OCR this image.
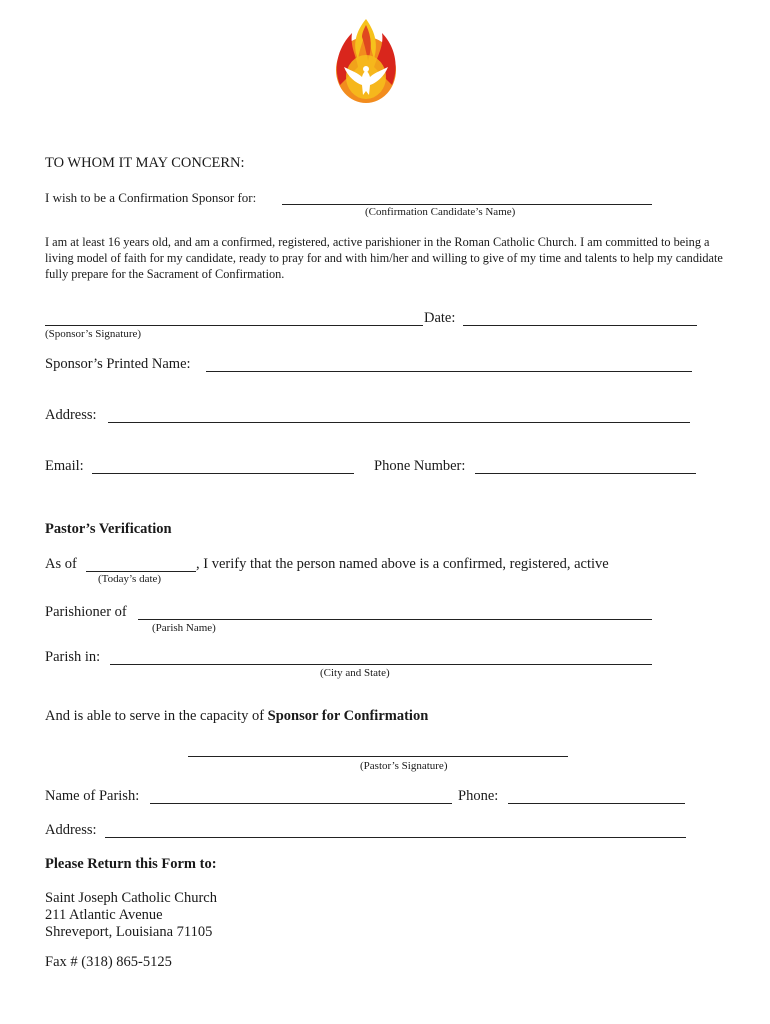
TO WHOM IT MAY CONCERN:
I wish to be a Confirmation Sponsor for:
(Confirmation Candidate’s Name)
I am at least 16 years old, and am a confirmed, registered, active parishioner in the Roman Catholic Church. I am committed to being a living model of faith for my candidate, ready to pray for and with him/her and willing to give of my time and talents to help my candidate fully prepare for the Sacrament of Confirmation.
Date:
(Sponsor’s Signature)
Sponsor’s Printed Name:
Address:
Email:	Phone Number:
Pastor’s Verification
As of	, I verify that the person named above is a confirmed, registered, active
(Today’s date)
Parishioner of
(Parish Name)
Parish in:
(City and State)
And is able to serve in the capacity of Sponsor for Confirmation
(Pastor’s Signature)
Name of Parish:	Phone:
Address:
Please Return this Form to:
Saint Joseph Catholic Church
211 Atlantic Avenue
Shreveport, Louisiana 71105
Fax # (318) 865-5125
